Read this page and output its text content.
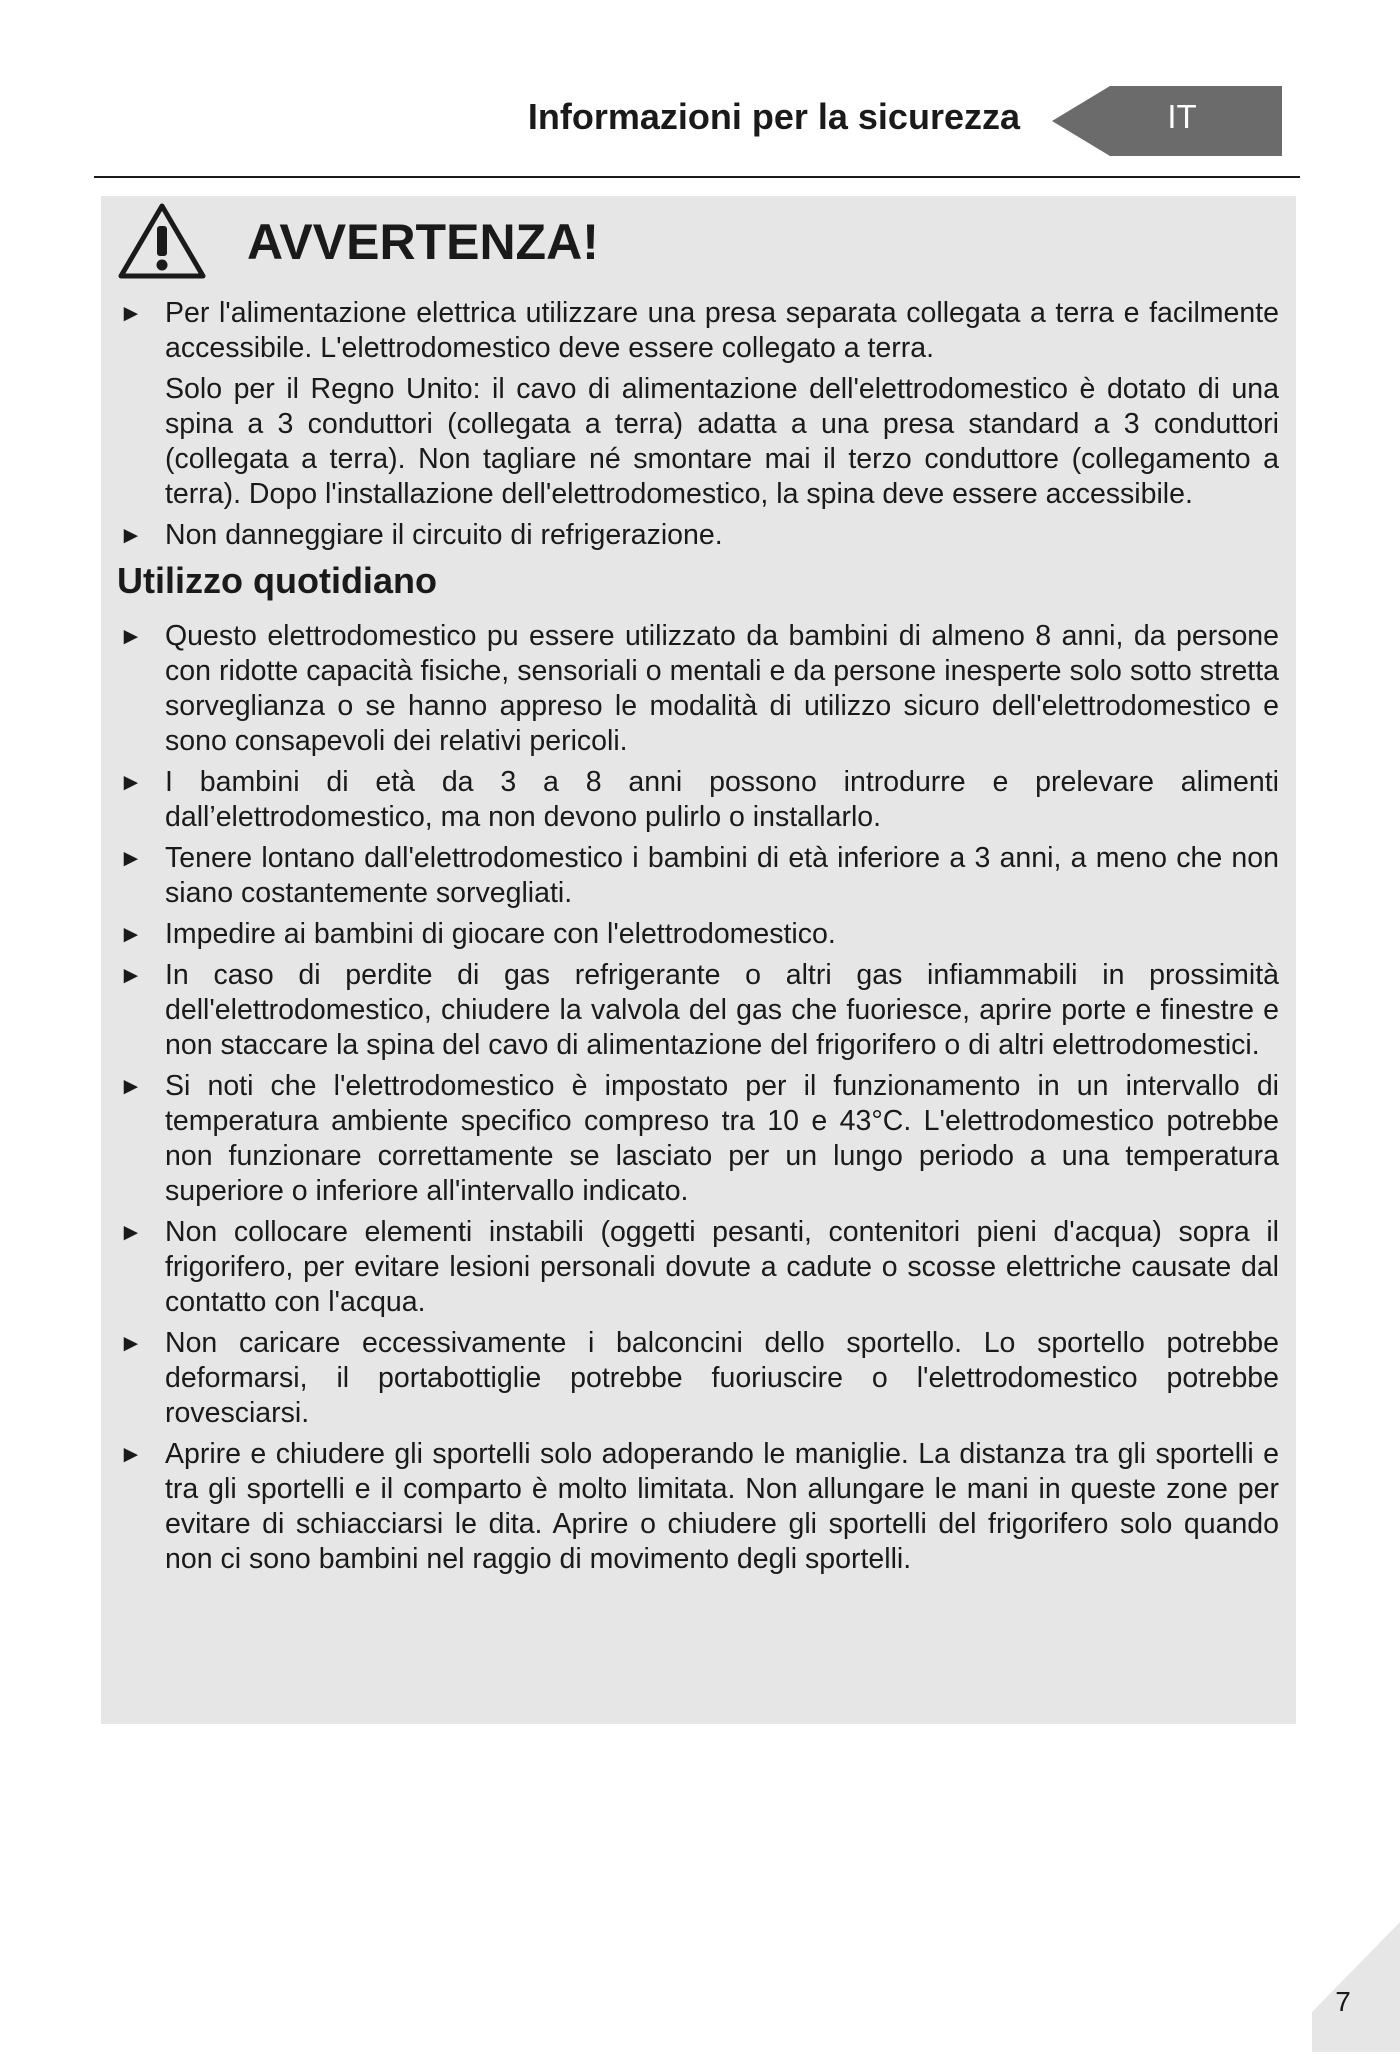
Informazioni per la sicurezza	IT
AVVERTENZA!
► Per l'alimentazione elettrica utilizzare una presa separata collegata a terra e facilmente accessibile. L'elettrodomestico deve essere collegato a terra.
Solo per il Regno Unito: il cavo di alimentazione dell'elettrodomestico è dotato di una spina a 3 conduttori (collegata a terra) adatta a una presa standard a 3 conduttori (collegata a terra). Non tagliare né smontare mai il terzo conduttore (collegamento a terra). Dopo l'installazione dell'elettrodomestico, la spina deve essere accessibile.
► Non danneggiare il circuito di refrigerazione.
Utilizzo quotidiano
► Questo elettrodomestico pu essere utilizzato da bambini di almeno 8 anni, da persone con ridotte capacità fisiche, sensoriali o mentali e da persone inesperte solo sotto stretta sorveglianza o se hanno appreso le modalità di utilizzo sicuro dell'elettrodomestico e sono consapevoli dei relativi pericoli.
► I bambini di età da 3 a 8 anni possono introdurre e prelevare alimenti dall’elettrodomestico, ma non devono pulirlo o installarlo.
► Tenere lontano dall'elettrodomestico i bambini di età inferiore a 3 anni, a meno che non siano costantemente sorvegliati.
► Impedire ai bambini di giocare con l'elettrodomestico.
► In caso di perdite di gas refrigerante o altri gas infiammabili in prossimità dell'elettrodomestico, chiudere la valvola del gas che fuoriesce, aprire porte e finestre e non staccare la spina del cavo di alimentazione del frigorifero o di altri elettrodomestici.
► Si noti che l'elettrodomestico è impostato per il funzionamento in un intervallo di temperatura ambiente specifico compreso tra 10 e 43°C. L'elettrodomestico potrebbe non funzionare correttamente se lasciato per un lungo periodo a una temperatura superiore o inferiore all'intervallo indicato.
► Non collocare elementi instabili (oggetti pesanti, contenitori pieni d'acqua) sopra il frigorifero, per evitare lesioni personali dovute a cadute o scosse elettriche causate dal contatto con l'acqua.
► Non caricare eccessivamente i balconcini dello sportello. Lo sportello potrebbe deformarsi, il portabottiglie potrebbe fuoriuscire o l'elettrodomestico potrebbe rovesciarsi.
► Aprire e chiudere gli sportelli solo adoperando le maniglie. La distanza tra gli sportelli e tra gli sportelli e il comparto è molto limitata. Non allungare le mani in queste zone per evitare di schiacciarsi le dita. Aprire o chiudere gli sportelli del frigorifero solo quando non ci sono bambini nel raggio di movimento degli sportelli.
7
